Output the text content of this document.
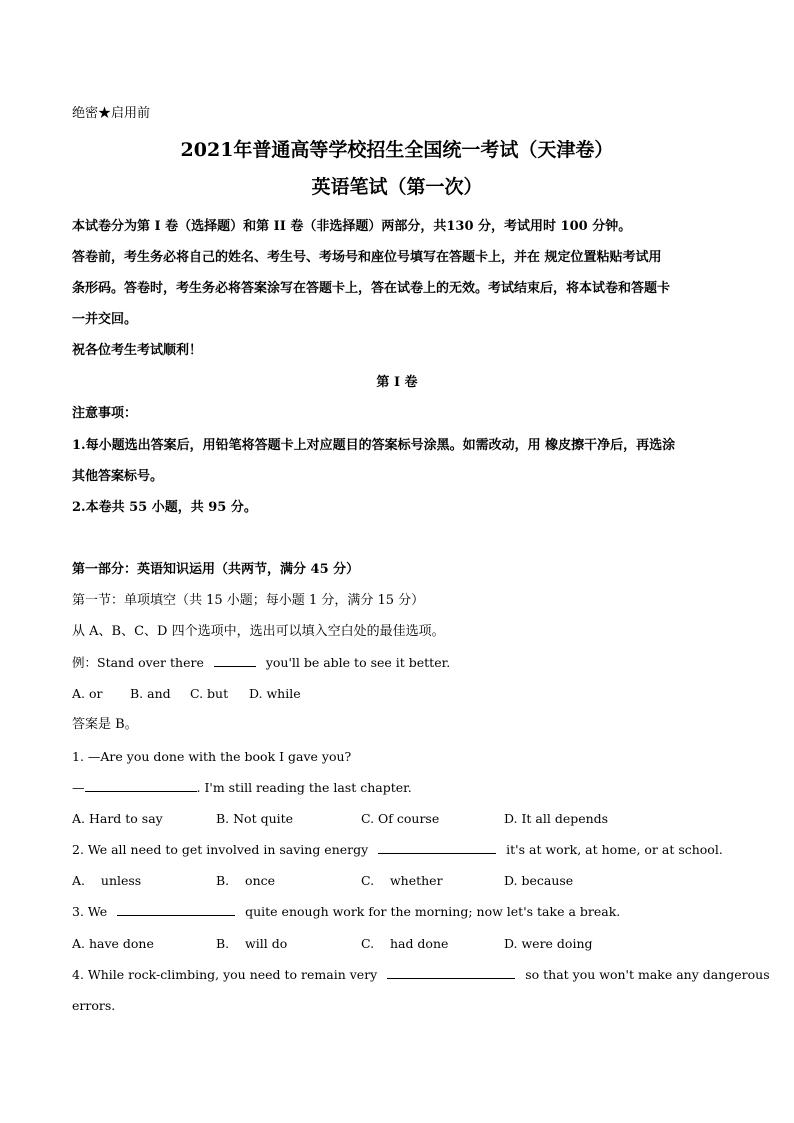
绝密★启用前
2021年普通高等学校招生全国统一考试（天津卷）
英语笔试（第一次）
本试卷分为第 I 卷（选择题）和第 II 卷（非选择题）两部分，共130 分，考试用时 100 分钟。
答卷前，考生务必将自己的姓名、考生号、考场号和座位号填写在答题卡上，并在 规定位置粘贴考试用
条形码。答卷时，考生务必将答案涂写在答题卡上，答在试卷上的无效。考试结束后，将本试卷和答题卡
一并交回。
祝各位考生考试顺利！
第 I 卷
注意事项：
1.每小题选出答案后，用铅笔将答题卡上对应题目的答案标号涂黑。如需改动，用 橡皮擦干净后，再选涂
其他答案标号。
2.本卷共 55 小题，共 95 分。
第一部分：英语知识运用（共两节，满分 45 分）
第一节：单项填空（共 15 小题；每小题 1 分，满分 15 分）
从 A、B、C、D 四个选项中，选出可以填入空白处的最佳选项。
例：Stand over there	you'll be able to see it better.
A. or B. and C. but D. while
答案是 B。
1. —Are you done with the book I gave you?
—	. I'm still reading the last chapter.
A. Hard to say	B. Not quite	C. Of course	D. It all depends
2. We all need to get involved in saving energy	it's at work, at home, or at school.
A.    unless	B.    once	C.    whether	D. because
3. We	quite enough work for the morning; now let's take a break.
A. have done	B.    will do	C.    had done	D. were doing
4. While rock-climbing, you need to remain very	so that you won't make any dangerous
errors.
